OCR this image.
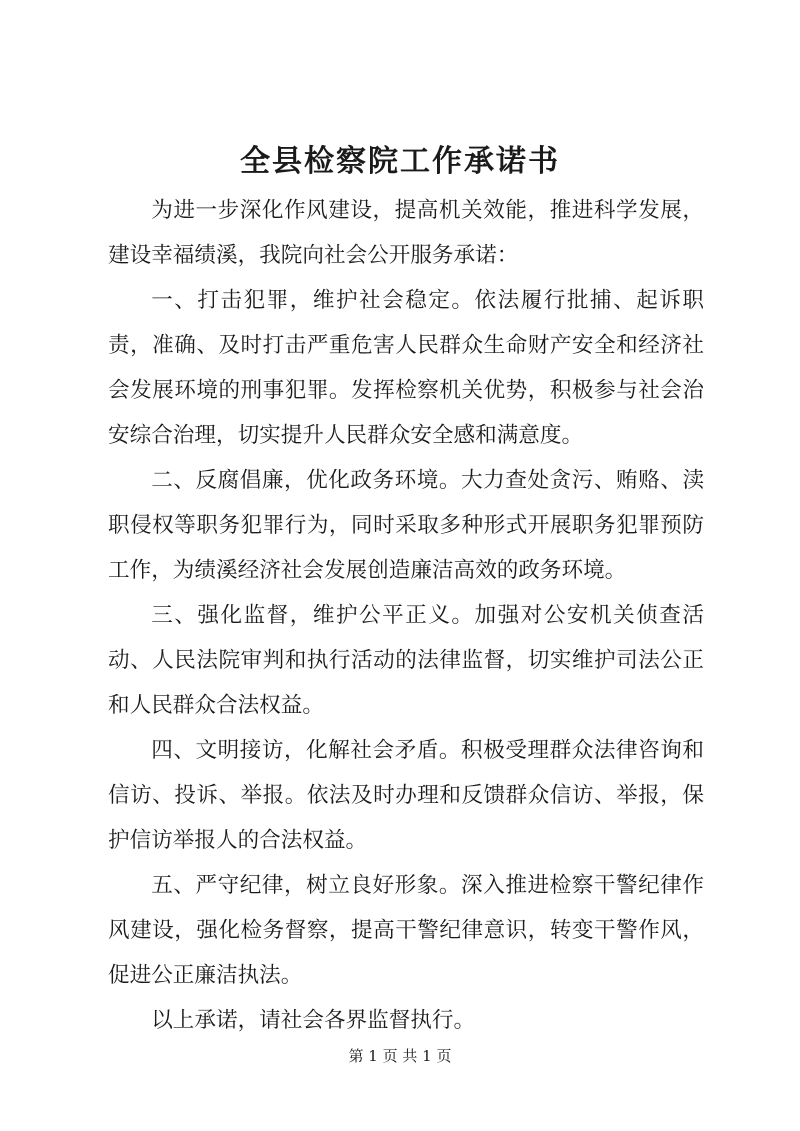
全县检察院工作承诺书

为进一步深化作风建设，提高机关效能，推进科学发展，建设幸福绩溪，我院向社会公开服务承诺：

一、打击犯罪，维护社会稳定。依法履行批捕、起诉职责，准确、及时打击严重危害人民群众生命财产安全和经济社会发展环境的刑事犯罪。发挥检察机关优势，积极参与社会治安综合治理，切实提升人民群众安全感和满意度。

二、反腐倡廉，优化政务环境。大力查处贪污、贿赂、渎职侵权等职务犯罪行为，同时采取多种形式开展职务犯罪预防工作，为绩溪经济社会发展创造廉洁高效的政务环境。

三、强化监督，维护公平正义。加强对公安机关侦查活动、人民法院审判和执行活动的法律监督，切实维护司法公正和人民群众合法权益。

四、文明接访，化解社会矛盾。积极受理群众法律咨询和信访、投诉、举报。依法及时办理和反馈群众信访、举报，保护信访举报人的合法权益。

五、严守纪律，树立良好形象。深入推进检察干警纪律作风建设，强化检务督察，提高干警纪律意识，转变干警作风，促进公正廉洁执法。

以上承诺，请社会各界监督执行。

第 1 页 共 1 页
